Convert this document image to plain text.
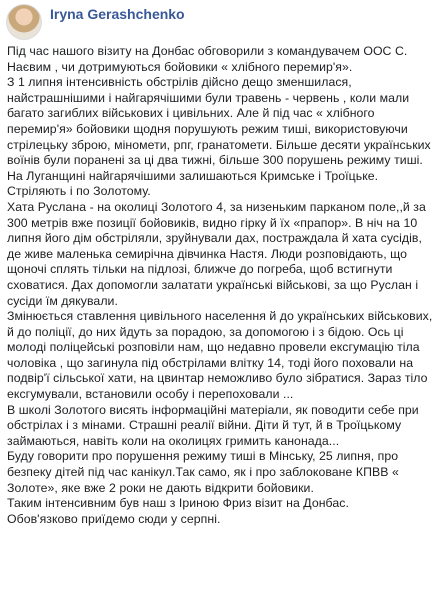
Iryna Gerashchenko

Під час нашого візиту на Донбас обговорили з командувачем ООС С. Наєвим , чи дотримуються бойовики « хлібного перемир'я».

З 1 липня інтенсивність обстрілів дійсно дещо зменшилася, найстрашнішими і найгарячішими були травень - червень , коли мали багато загиблих військових і цивільних. Але й під час « хлібного перемир'я» бойовики щодня порушують режим тиші, використовуючи стрілецьку зброю, міномети, рпг, гранатомети. Більше десяти українських воїнів були поранені за ці два тижні, більше 300 порушень режиму тиші. На Луганщині найгарячішими залишаються Кримське і Троїцьке. Стріляють і по Золотому.

Хата Руслана - на околиці Золотого 4, за низеньким парканом поле,,й за 300 метрів вже позиції бойовиків, видно гірку й їх «прапор». В ніч на 10 липня його дім обстріляли, зруйнували дах, постраждала й хата сусідів, де живе маленька семирічна дівчинка Настя. Люди розповідають, що щоночі сплять тільки на підлозі, ближче до погреба, щоб встигнути сховатися. Дах допомогли залатати українські військові, за що Руслан і сусіди їм дякували.

Змінюється ставлення цивільного населення й до українських військових, й до поліції, до них йдуть за порадою, за допомогою і з бідою. Ось ці молоді поліцейські розповіли нам, що недавно провели ексгумацію тіла чоловіка , що загинула під обстрілами влітку 14, тоді його поховали на подвір'ї сільської хати, на цвинтар неможливо було зібратися. Зараз тіло ексгумували, встановили особу і перепоховали ...

В школі Золотого висять інформаційні матеріали, як поводити себе при обстрілах і з мінами. Страшні реалії війни. Діти й тут, й в Троїцькому займаються, навіть коли на околицях гримить канонада...

Буду говорити про порушення режиму тиші в Мінську, 25 липня, про безпеку дітей під час канікул.Так само, як і про заблоковане КПВВ « Золоте», яке вже 2 роки не дають відкрити бойовики.

Таким інтенсивним був наш з Іриною Фриз візит на Донбас.

Обов'язково приїдемо сюди у серпні.
